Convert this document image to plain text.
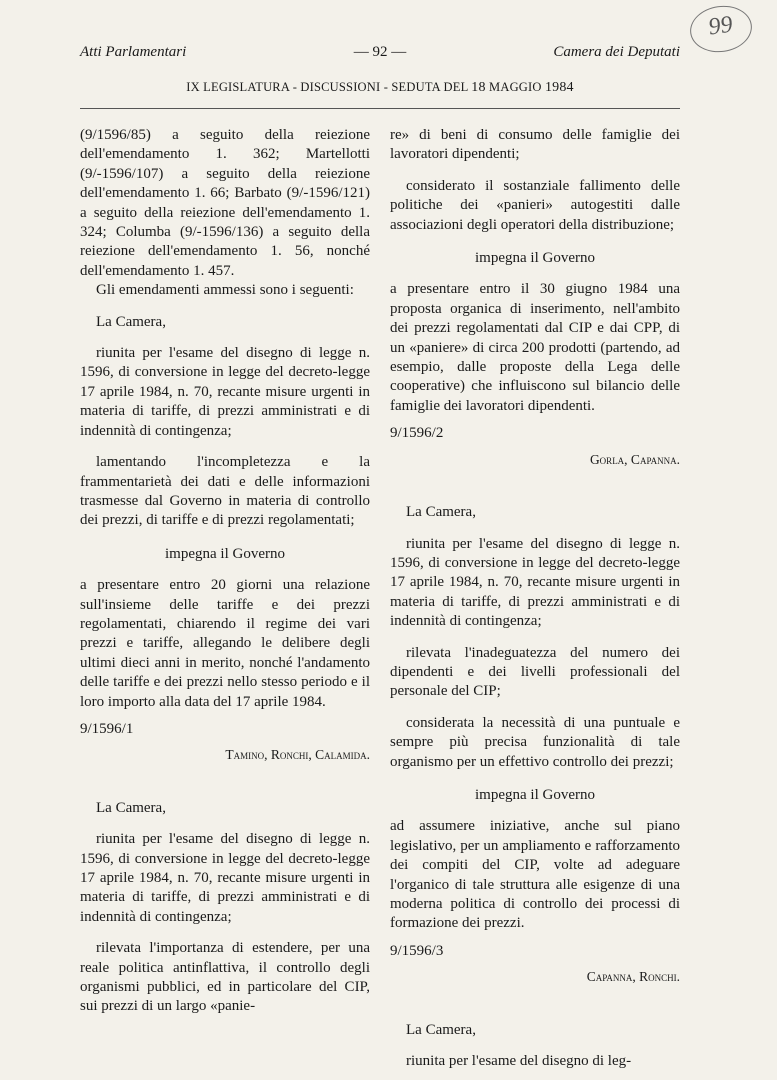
Atti Parlamentari	— 92 —	Camera dei Deputati
99
IX LEGISLATURA - DISCUSSIONI - SEDUTA DEL 18 MAGGIO 1984

(9/1596/85) a seguito della reiezione dell'emendamento 1. 362; Martellotti (9/-1596/107) a seguito della reiezione dell'emendamento 1. 66; Barbato (9/-1596/121) a seguito della reiezione dell'emendamento 1. 324; Columba (9/-1596/136) a seguito della reiezione dell'emendamento 1. 56, nonché dell'emendamento 1. 457.

Gli emendamenti ammessi sono i seguenti:

La Camera,

riunita per l'esame del disegno di legge n. 1596, di conversione in legge del decreto-legge 17 aprile 1984, n. 70, recante misure urgenti in materia di tariffe, di prezzi amministrati e di indennità di contingenza;

lamentando l'incompletezza e la frammentarietà dei dati e delle informazioni trasmesse dal Governo in materia di controllo dei prezzi, di tariffe e di prezzi regolamentati;

impegna il Governo

a presentare entro 20 giorni una relazione sull'insieme delle tariffe e dei prezzi regolamentati, chiarendo il regime dei vari prezzi e tariffe, allegando le delibere degli ultimi dieci anni in merito, nonché l'andamento delle tariffe e dei prezzi nello stesso periodo e il loro importo alla data del 17 aprile 1984.

9/1596/1

Tamino, Ronchi, Calamida.

La Camera,

riunita per l'esame del disegno di legge n. 1596, di conversione in legge del decreto-legge 17 aprile 1984, n. 70, recante misure urgenti in materia di tariffe, di prezzi amministrati e di indennità di contingenza;

rilevata l'importanza di estendere, per una reale politica antinflattiva, il controllo degli organismi pubblici, ed in particolare del CIP, sui prezzi di un largo «panie-

re» di beni di consumo delle famiglie dei lavoratori dipendenti;

considerato il sostanziale fallimento delle politiche dei «panieri» autogestiti dalle associazioni degli operatori della distribuzione;

impegna il Governo

a presentare entro il 30 giugno 1984 una proposta organica di inserimento, nell'ambito dei prezzi regolamentati dal CIP e dai CPP, di un «paniere» di circa 200 prodotti (partendo, ad esempio, dalle proposte della Lega delle cooperative) che influiscono sul bilancio delle famiglie dei lavoratori dipendenti.

9/1596/2

Gorla, Capanna.

La Camera,

riunita per l'esame del disegno di legge n. 1596, di conversione in legge del decreto-legge 17 aprile 1984, n. 70, recante misure urgenti in materia di tariffe, di prezzi amministrati e di indennità di contingenza;

rilevata l'inadeguatezza del numero dei dipendenti e dei livelli professionali del personale del CIP;

considerata la necessità di una puntuale e sempre più precisa funzionalità di tale organismo per un effettivo controllo dei prezzi;

impegna il Governo

ad assumere iniziative, anche sul piano legislativo, per un ampliamento e rafforzamento dei compiti del CIP, volte ad adeguare l'organico di tale struttura alle esigenze di una moderna politica di controllo dei processi di formazione dei prezzi.

9/1596/3

Capanna, Ronchi.

La Camera,

riunita per l'esame del disegno di leg-
